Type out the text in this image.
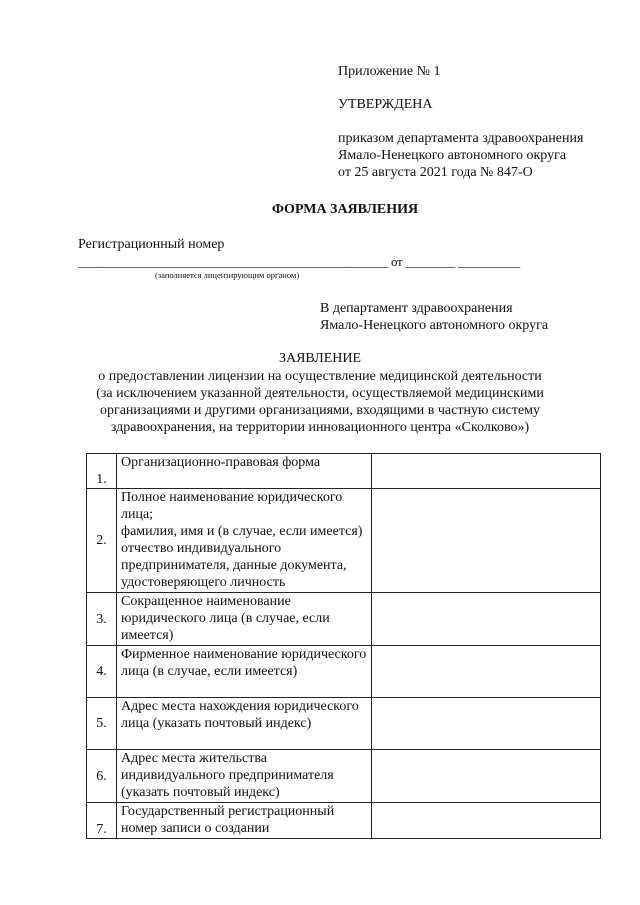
Приложение № 1
УТВЕРЖДЕНА
приказом департамента здравоохранения
Ямало-Ненецкого автономного округа
от 25 августа 2021 года № 847-О
ФОРМА ЗАЯВЛЕНИЯ
Регистрационный номер
__________________________________________________ от ________ __________
(заполняется лицензирующим органом)
В департамент здравоохранения
Ямало-Ненецкого автономного округа
ЗАЯВЛЕНИЕ
о предоставлении лицензии на осуществление медицинской деятельности
(за исключением указанной деятельности, осуществляемой медицинскими
организациями и другими организациями, входящими в частную систему
здравоохранения, на территории инновационного центра «Сколково»)
1.	Организационно-правовая форма	
2.	Полное наименование юридического лица;
фамилия, имя и (в случае, если имеется) отчество индивидуального предпринимателя, данные документа, удостоверяющего личность	
3.	Сокращенное наименование юридического лица (в случае, если имеется)	
4.	Фирменное наименование юридического лица (в случае, если имеется)	
5.	Адрес места нахождения юридического лица (указать почтовый индекс)	
6.	Адрес места жительства индивидуального предпринимателя (указать почтовый индекс)	
7.	Государственный регистрационный номер записи о создании	
